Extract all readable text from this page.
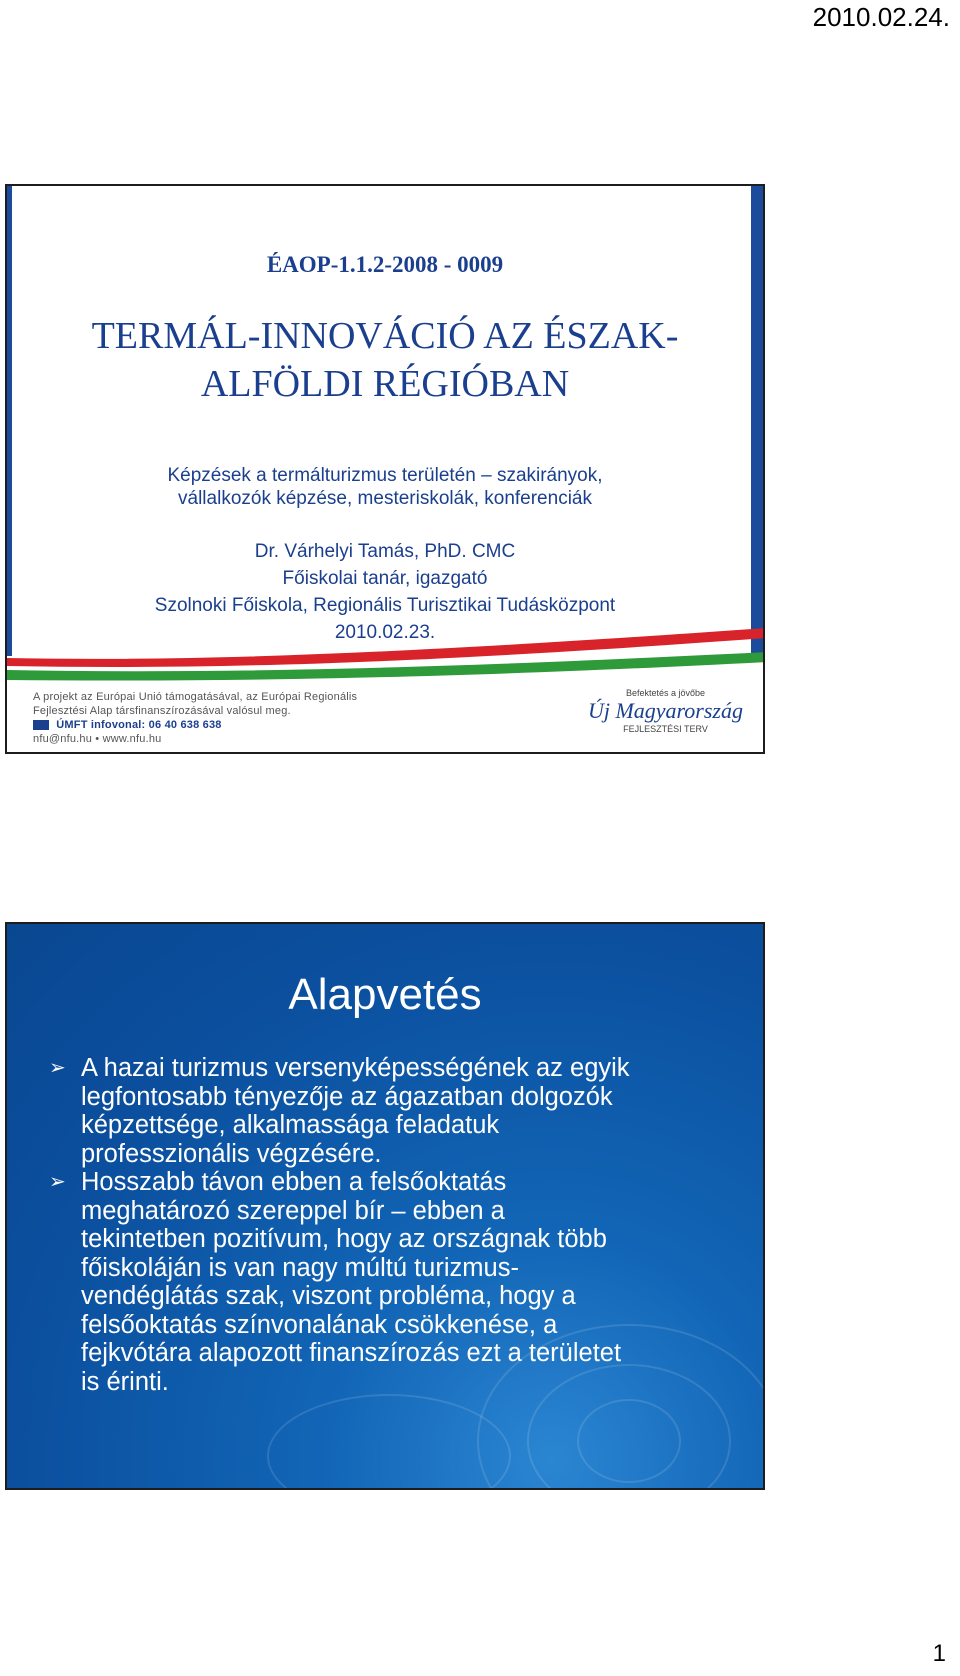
2010.02.24.
ÉAOP-1.1.2-2008 - 0009
TERMÁL-INNOVÁCIÓ AZ ÉSZAK-
ALFÖLDI RÉGIÓBAN
Képzések a termálturizmus területén – szakirányok,
vállalkozók képzése, mesteriskolák, konferenciák
Dr. Várhelyi Tamás, PhD. CMC
Főiskolai tanár, igazgató
Szolnoki Főiskola, Regionális Turisztikai Tudásközpont
2010.02.23.
A projekt az Európai Unió támogatásával, az Európai Regionális
Fejlesztési Alap társfinanszírozásával valósul meg.
ÚMFT infovonal: 06 40 638 638
nfu@nfu.hu • www.nfu.hu
Befektetés a jövőbe
Új Magyarország
FEJLESZTÉSI TERV
Alapvetés
➢ A hazai turizmus versenyképességének az egyik
legfontosabb tényezője az ágazatban dolgozók
képzettsége, alkalmassága feladatuk
professzionális végzésére.
➢ Hosszabb távon ebben a felsőoktatás
meghatározó szereppel bír – ebben a
tekintetben pozitívum, hogy az országnak több
főiskoláján is van nagy múltú turizmus-
vendéglátás szak, viszont probléma, hogy a
felsőoktatás színvonalának csökkenése, a
fejkvótára alapozott finanszírozás ezt a területet
is érinti.
1
